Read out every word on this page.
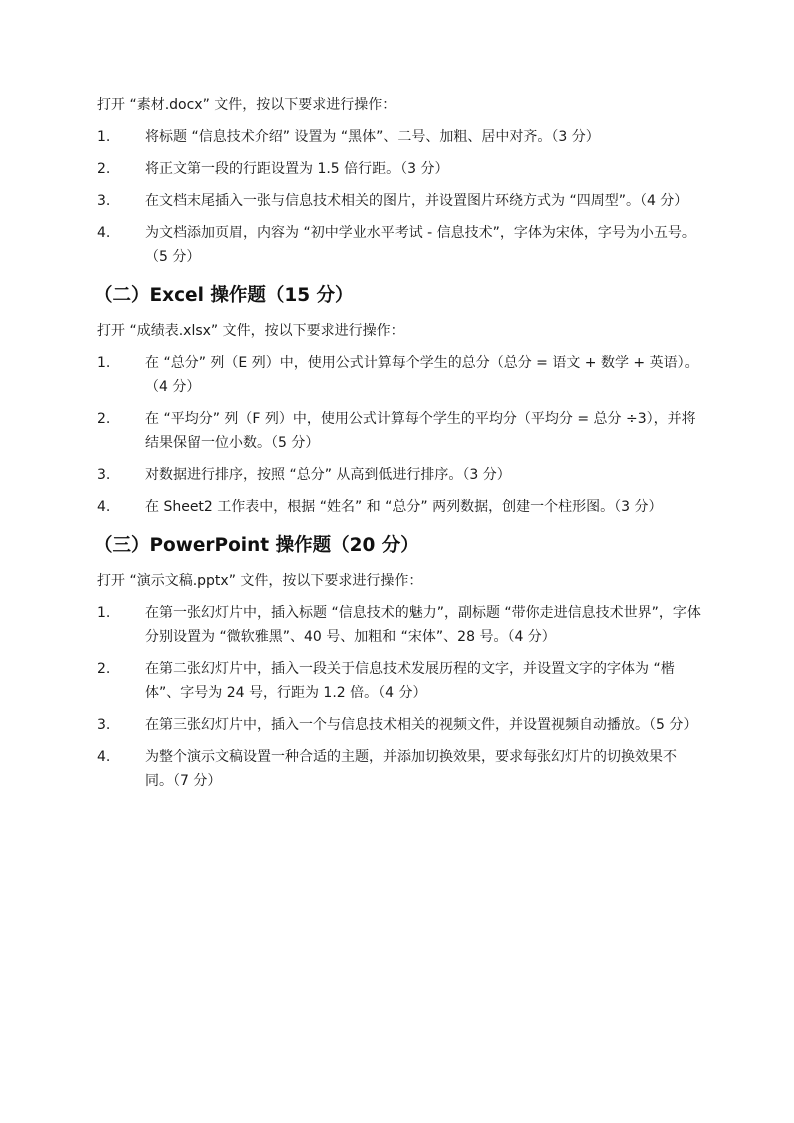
打开 “素材.docx” 文件，按以下要求进行操作：

1.	将标题 “信息技术介绍” 设置为 “黑体”、二号、加粗、居中对齐。（3 分）
2.	将正文第一段的行距设置为 1.5 倍行距。（3 分）
3.	在文档末尾插入一张与信息技术相关的图片，并设置图片环绕方式为 “四周型”。（4 分）
4.	为文档添加页眉，内容为 “初中学业水平考试 - 信息技术”，字体为宋体，字号为小五号。（5 分）
（二）Excel 操作题（15 分）

打开 “成绩表.xlsx” 文件，按以下要求进行操作：

1.	在 “总分” 列（E 列）中，使用公式计算每个学生的总分（总分 = 语文 + 数学 + 英语）。（4 分）
2.	在 “平均分” 列（F 列）中，使用公式计算每个学生的平均分（平均分 = 总分 ÷3），并将结果保留一位小数。（5 分）
3.	对数据进行排序，按照 “总分” 从高到低进行排序。（3 分）
4.	在 Sheet2 工作表中，根据 “姓名” 和 “总分” 两列数据，创建一个柱形图。（3 分）
（三）PowerPoint 操作题（20 分）

打开 “演示文稿.pptx” 文件，按以下要求进行操作：

1.	在第一张幻灯片中，插入标题 “信息技术的魅力”，副标题 “带你走进信息技术世界”，字体分别设置为 “微软雅黑”、40 号、加粗和 “宋体”、28 号。（4 分）
2.	在第二张幻灯片中，插入一段关于信息技术发展历程的文字，并设置文字的字体为 “楷体”、字号为 24 号，行距为 1.2 倍。（4 分）
3.	在第三张幻灯片中，插入一个与信息技术相关的视频文件，并设置视频自动播放。（5 分）
4.	为整个演示文稿设置一种合适的主题，并添加切换效果，要求每张幻灯片的切换效果不同。（7 分）
